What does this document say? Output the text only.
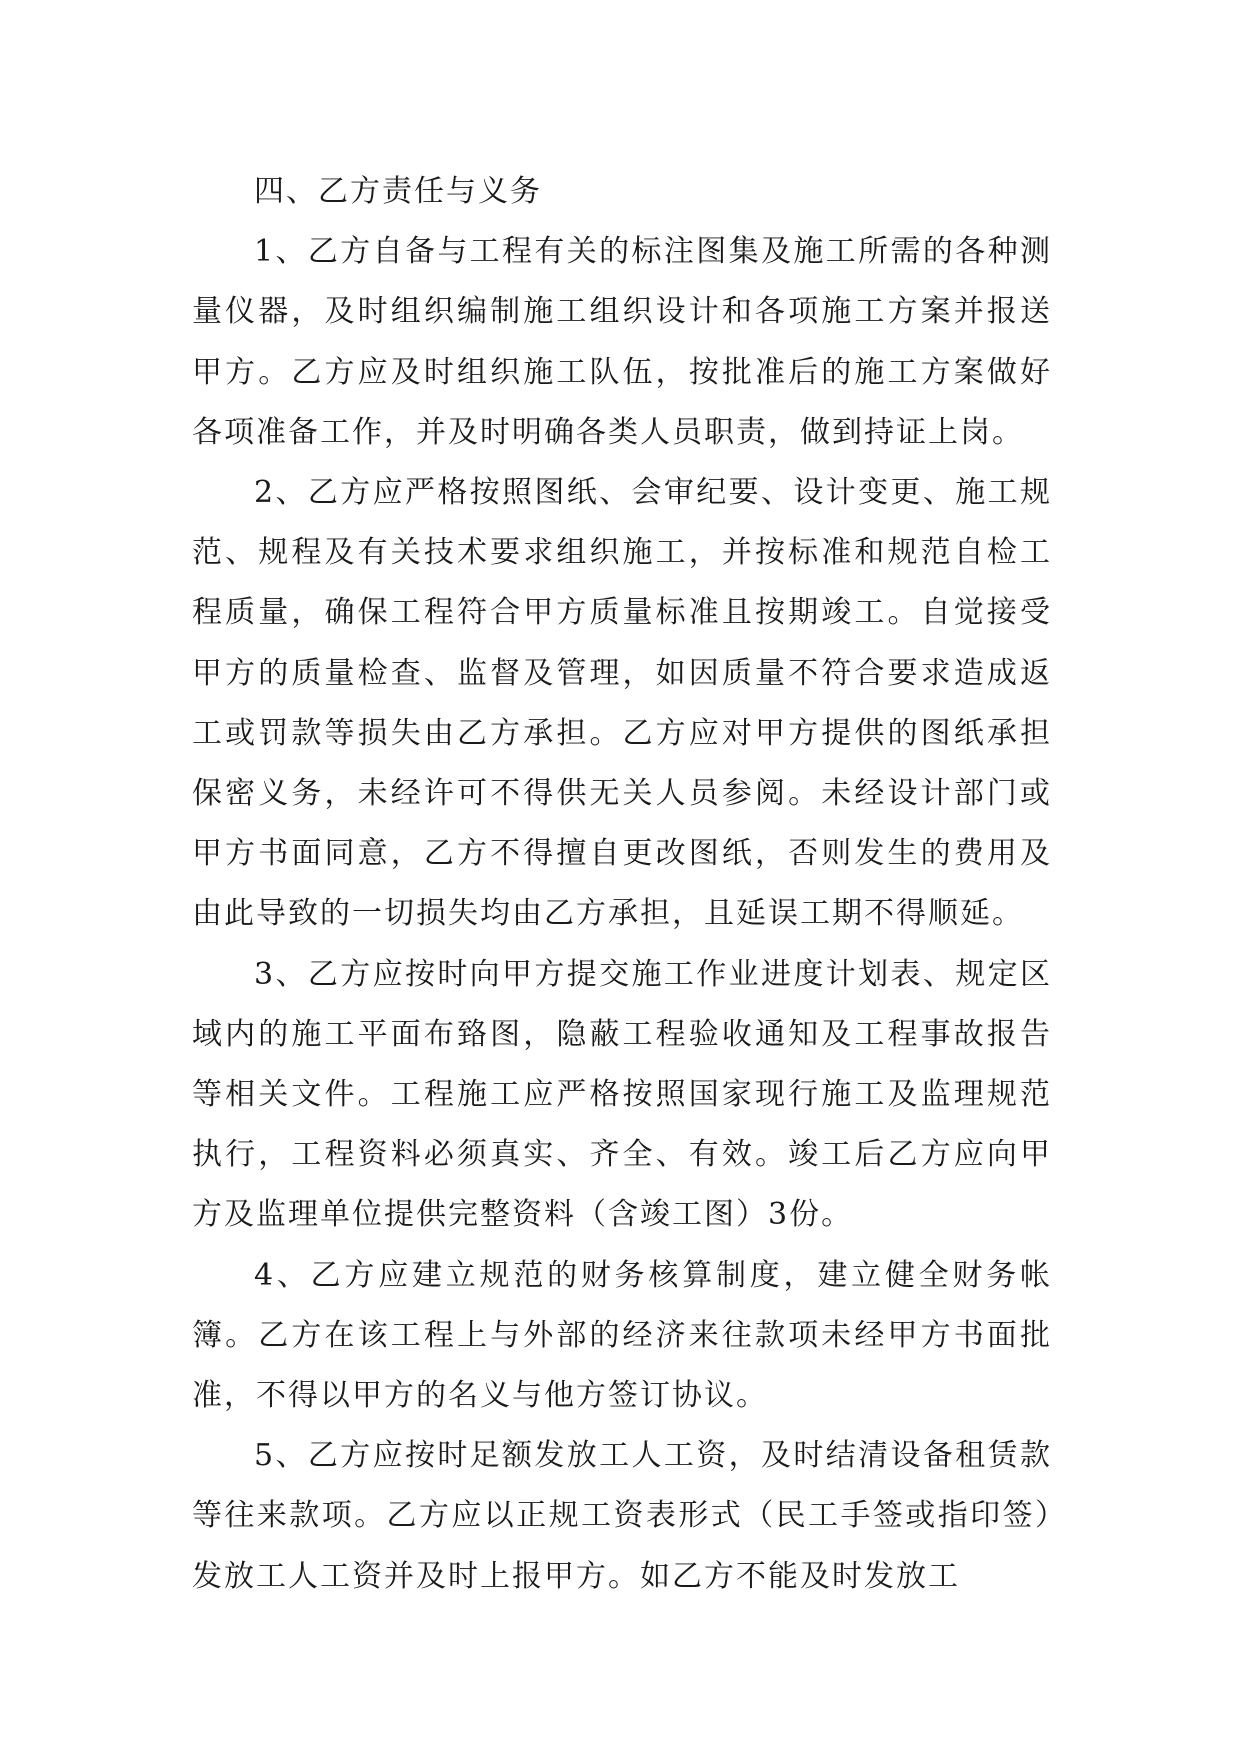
四、乙方责任与义务

1、乙方自备与工程有关的标注图集及施工所需的各种测量仪器，及时组织编制施工组织设计和各项施工方案并报送甲方。乙方应及时组织施工队伍，按批准后的施工方案做好各项准备工作，并及时明确各类人员职责，做到持证上岗。

2、乙方应严格按照图纸、会审纪要、设计变更、施工规范、规程及有关技术要求组织施工，并按标准和规范自检工程质量，确保工程符合甲方质量标准且按期竣工。自觉接受甲方的质量检查、监督及管理，如因质量不符合要求造成返工或罚款等损失由乙方承担。乙方应对甲方提供的图纸承担保密义务，未经许可不得供无关人员参阅。未经设计部门或甲方书面同意，乙方不得擅自更改图纸，否则发生的费用及由此导致的一切损失均由乙方承担，且延误工期不得顺延。

3、乙方应按时向甲方提交施工作业进度计划表、规定区域内的施工平面布臵图，隐蔽工程验收通知及工程事故报告等相关文件。工程施工应严格按照国家现行施工及监理规范执行，工程资料必须真实、齐全、有效。竣工后乙方应向甲方及监理单位提供完整资料（含竣工图）3份。

4、乙方应建立规范的财务核算制度，建立健全财务帐簿。乙方在该工程上与外部的经济来往款项未经甲方书面批准，不得以甲方的名义与他方签订协议。

5、乙方应按时足额发放工人工资，及时结清设备租赁款等往来款项。乙方应以正规工资表形式（民工手签或指印签）发放工人工资并及时上报甲方。如乙方不能及时发放工
